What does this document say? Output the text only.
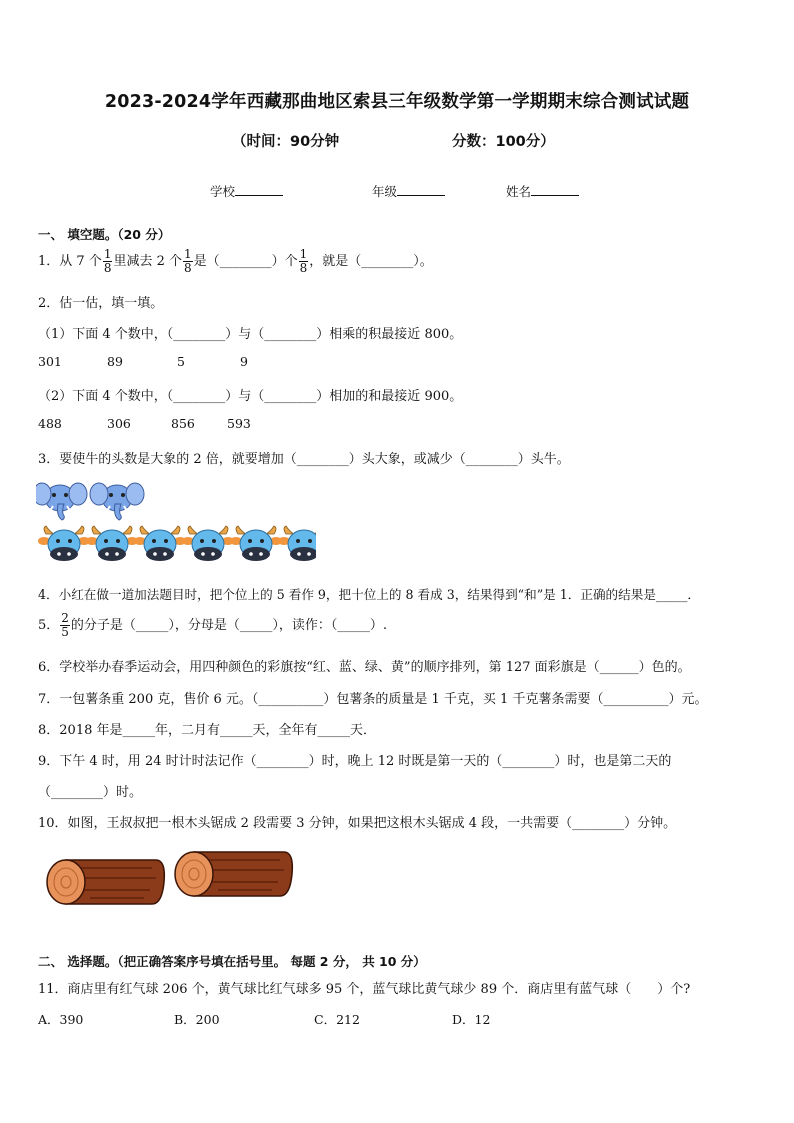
2023-2024学年西藏那曲地区索县三年级数学第一学期期末综合测试试题
（时间：90分钟	分数：100分）
学校	年级	姓名
一、 填空题。（20 分）
1．从 7 个 $\frac{1}{8}$ 里减去 2 个 $\frac{1}{8}$ 是（________）个 $\frac{1}{8}$ ，就是（________）。
2．估一估，填一填。
（1）下面 4 个数中，（________）与（________）相乘的积最接近 800。
301	89	5	9
（2）下面 4 个数中，（________）与（________）相加的和最接近 900。
488	306	856	593
3．要使牛的头数是大象的 2 倍，就要增加（________）头大象，或减少（________）头牛。
4．小红在做一道加法题目时，把个位上的 5 看作 9，把十位上的 8 看成 3，结果得到“和”是 1．正确的结果是_____．
5． $\frac{2}{5}$ 的分子是（_____），分母是（_____），读作：（_____）.
6．学校举办春季运动会，用四种颜色的彩旗按“红、蓝、绿、黄”的顺序排列，第 127 面彩旗是（______）色的。
7．一包薯条重 200 克，售价 6 元。（__________）包薯条的质量是 1 千克，买 1 千克薯条需要（__________）元。
8．2018 年是_____年，二月有_____天，全年有_____天．
9．下午 4 时，用 24 时计时法记作（________）时，晚上 12 时既是第一天的（________）时，也是第二天的
（________）时。
10．如图，王叔叔把一根木头锯成 2 段需要 3 分钟，如果把这根木头锯成 4 段，一共需要（________）分钟。
二、 选择题。（把正确答案序号填在括号里。 每题 2 分， 共 10 分）
11．商店里有红气球 206 个，黄气球比红气球多 95 个，蓝气球比黄气球少 89 个．商店里有蓝气球（　　）个?
A．390	B．200	C．212	D．12
